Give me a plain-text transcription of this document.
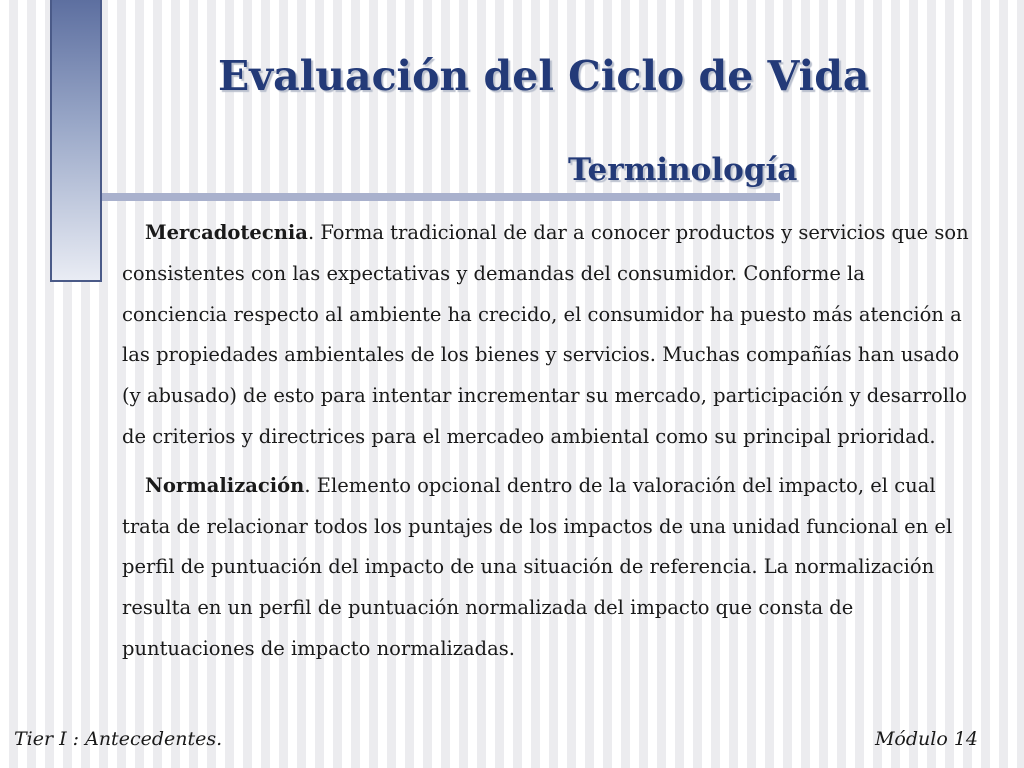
Evaluación del Ciclo de Vida
Terminología

Mercadotecnia. Forma tradicional de dar a conocer productos y servicios que son consistentes con las expectativas y demandas del consumidor. Conforme la conciencia respecto al ambiente ha crecido, el consumidor ha puesto más atención a las propiedades ambientales de los bienes y servicios. Muchas compañías han usado (y abusado) de esto para intentar incrementar su mercado, participación y desarrollo de criterios y directrices para el mercadeo ambiental como su principal prioridad.

Normalización. Elemento opcional dentro de la valoración del impacto, el cual trata de relacionar todos los puntajes de los impactos de una unidad funcional en el perfil de puntuación del impacto de una situación de referencia. La normalización resulta en un perfil de puntuación normalizada del impacto que consta de puntuaciones de impacto normalizadas.

Tier I : Antecedentes.	Módulo 14
